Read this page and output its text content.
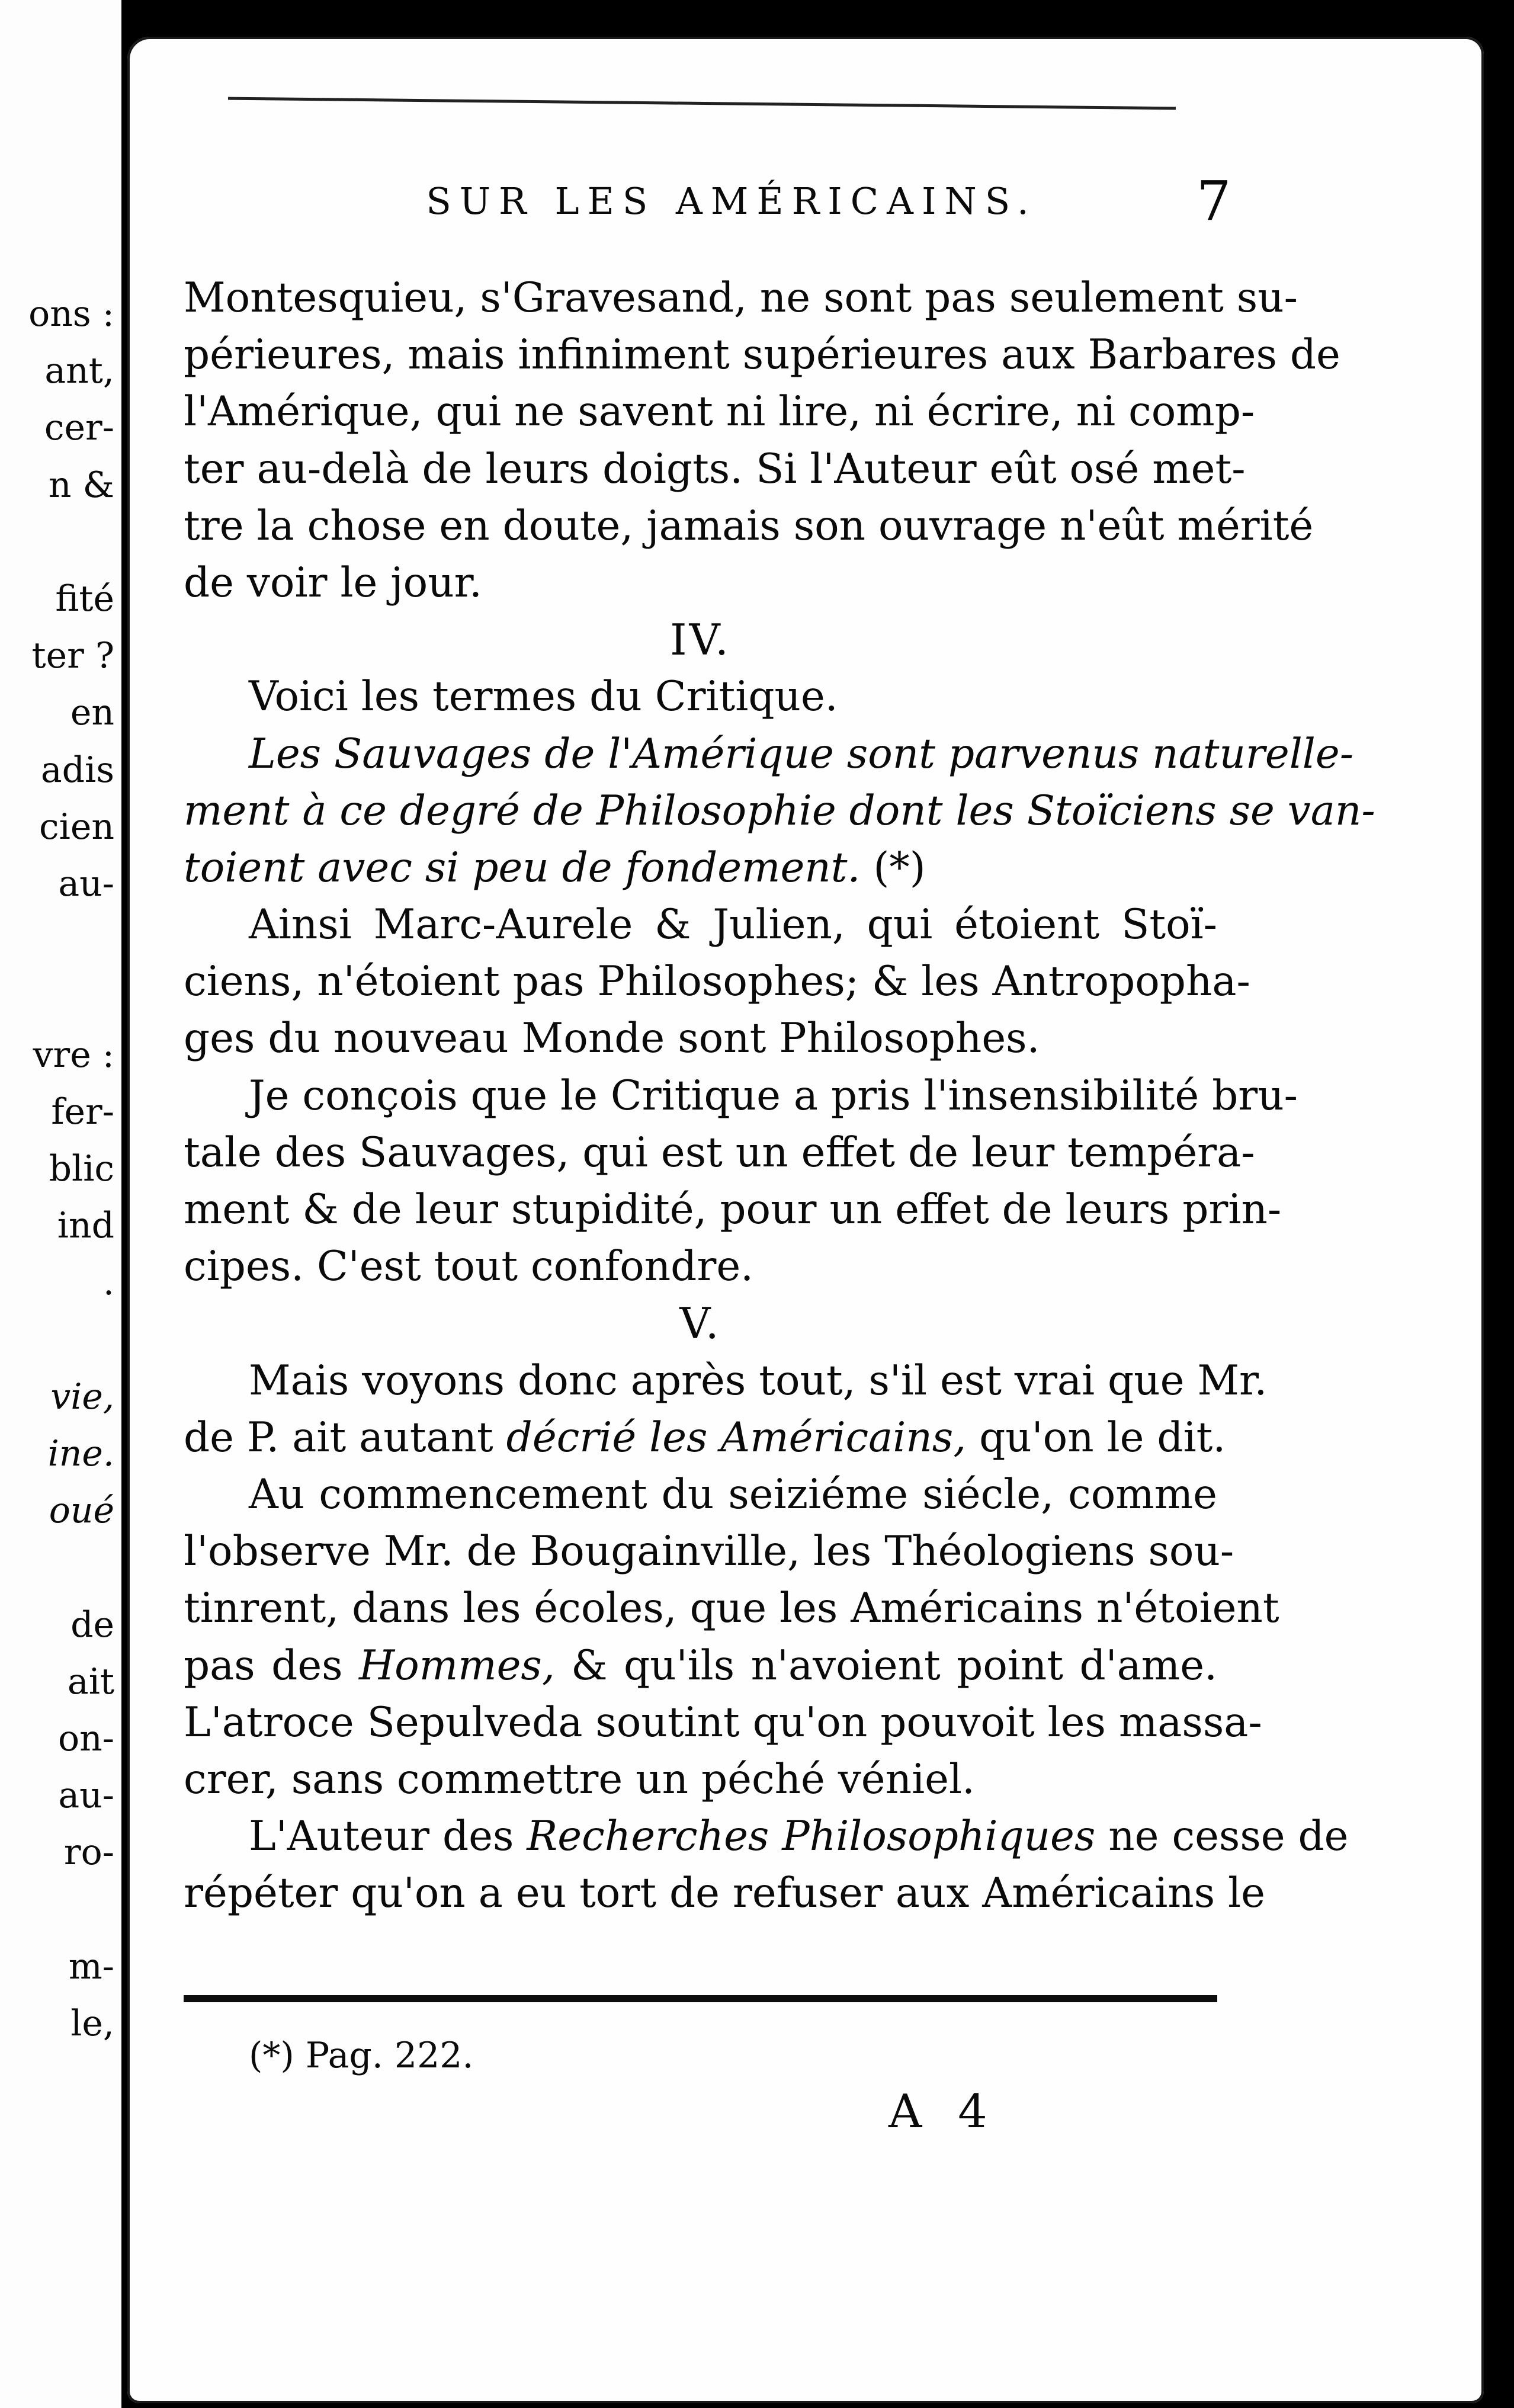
ons :
ant,
cer-
n &
fité
ter ?
en
adis
cien
au-
vre :
fer-
blic
ind
.
vie,
ine.
oué
de
ait
on-
au-
ro-
m-
le,
SUR LES AMÉRICAINS.	7
Montesquieu, s'Gravesand, ne sont pas seulement su-
périeures, mais infiniment supérieures aux Barbares de
l'Amérique, qui ne savent ni lire, ni écrire, ni comp-
ter au-delà de leurs doigts. Si l'Auteur eût osé met-
tre la chose en doute, jamais son ouvrage n'eût mérité
de voir le jour.
IV.
Voici les termes du Critique.
Les Sauvages de l'Amérique sont parvenus naturelle-
ment à ce degré de Philosophie dont les Stoïciens se van-
toient avec si peu de fondement. (*)
Ainsi Marc-Aurele & Julien, qui étoient Stoï-
ciens, n'étoient pas Philosophes; & les Antropopha-
ges du nouveau Monde sont Philosophes.
Je conçois que le Critique a pris l'insensibilité bru-
tale des Sauvages, qui est un effet de leur tempéra-
ment & de leur stupidité, pour un effet de leurs prin-
cipes. C'est tout confondre.
V.
Mais voyons donc après tout, s'il est vrai que Mr.
de P. ait autant décrié les Américains, qu'on le dit.
Au commencement du seiziéme siécle, comme
l'observe Mr. de Bougainville, les Théologiens sou-
tinrent, dans les écoles, que les Américains n'étoient
pas des Hommes, & qu'ils n'avoient point d'ame.
L'atroce Sepulveda soutint qu'on pouvoit les massa-
crer, sans commettre un péché véniel.
L'Auteur des Recherches Philosophiques ne cesse de
répéter qu'on a eu tort de refuser aux Américains le
(*) Pag. 222.
A 4
